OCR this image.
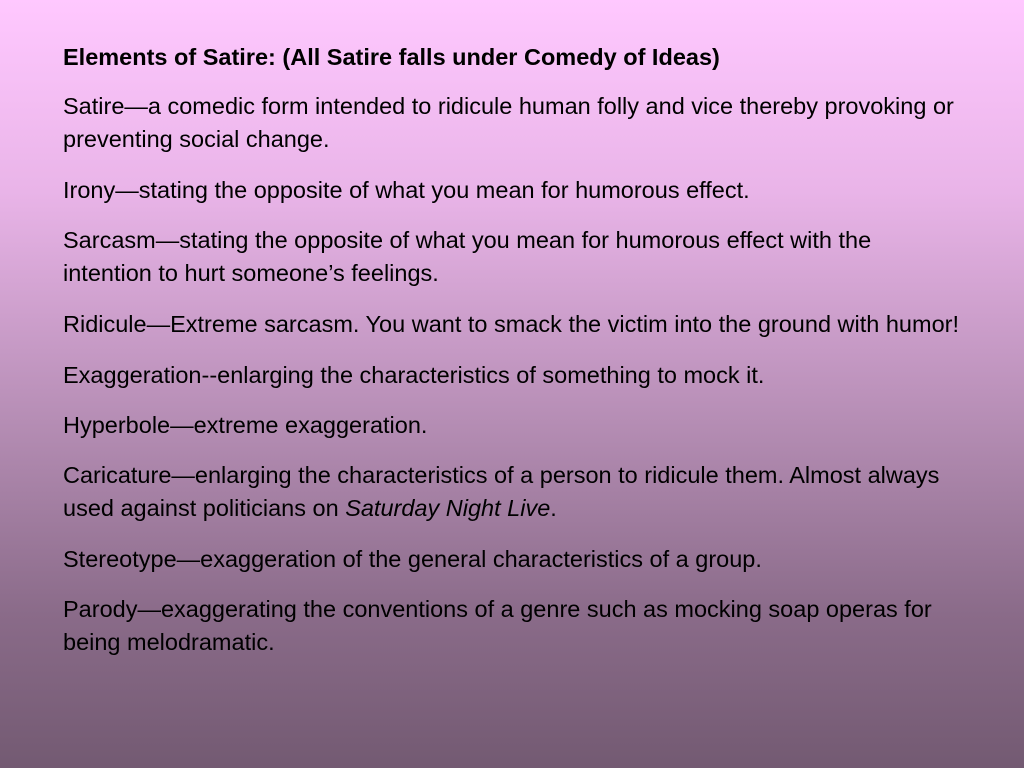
Elements of Satire: (All Satire falls under Comedy of Ideas)

Satire—a comedic form intended to ridicule human folly and vice thereby provoking or preventing social change.

Irony—stating the opposite of what you mean for humorous effect.

Sarcasm—stating the opposite of what you mean for humorous effect with the intention to hurt someone’s feelings.

Ridicule—Extreme sarcasm. You want to smack the victim into the ground with humor!

Exaggeration--enlarging the characteristics of something to mock it.

Hyperbole—extreme exaggeration.

Caricature—enlarging the characteristics of a person to ridicule them. Almost always used against politicians on Saturday Night Live.

Stereotype—exaggeration of the general characteristics of a group.

Parody—exaggerating the conventions of a genre such as mocking soap operas for being melodramatic.
